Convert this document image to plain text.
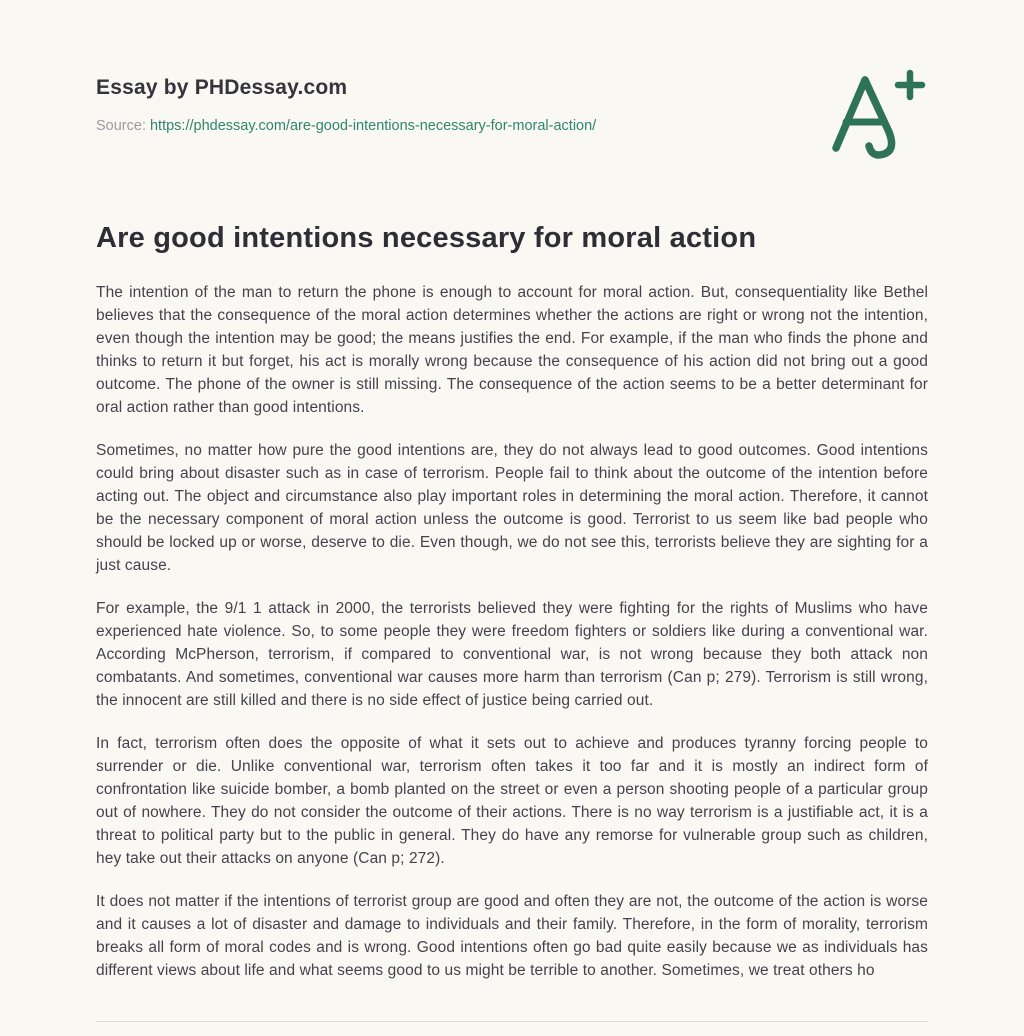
Essay by PHDessay.com
Source: https://phdessay.com/are-good-intentions-necessary-for-moral-action/
Are good intentions necessary for moral action

The intention of the man to return the phone is enough to account for moral action. But, consequentiality like Bethel believes that the consequence of the moral action determines whether the actions are right or wrong not the intention, even though the intention may be good; the means justifies the end. For example, if the man who finds the phone and thinks to return it but forget, his act is morally wrong because the consequence of his action did not bring out a good outcome. The phone of the owner is still missing. The consequence of the action seems to be a better determinant for oral action rather than good intentions.

Sometimes, no matter how pure the good intentions are, they do not always lead to good outcomes. Good intentions could bring about disaster such as in case of terrorism. People fail to think about the outcome of the intention before acting out. The object and circumstance also play important roles in determining the moral action. Therefore, it cannot be the necessary component of moral action unless the outcome is good. Terrorist to us seem like bad people who should be locked up or worse, deserve to die. Even though, we do not see this, terrorists believe they are sighting for a just cause.

For example, the 9/1 1 attack in 2000, the terrorists believed they were fighting for the rights of Muslims who have experienced hate violence. So, to some people they were freedom fighters or soldiers like during a conventional war. According McPherson, terrorism, if compared to conventional war, is not wrong because they both attack non combatants. And sometimes, conventional war causes more harm than terrorism (Can p; 279). Terrorism is still wrong, the innocent are still killed and there is no side effect of justice being carried out.

In fact, terrorism often does the opposite of what it sets out to achieve and produces tyranny forcing people to surrender or die. Unlike conventional war, terrorism often takes it too far and it is mostly an indirect form of confrontation like suicide bomber, a bomb planted on the street or even a person shooting people of a particular group out of nowhere. They do not consider the outcome of their actions. There is no way terrorism is a justifiable act, it is a threat to political party but to the public in general. They do have any remorse for vulnerable group such as children, hey take out their attacks on anyone (Can p; 272).

It does not matter if the intentions of terrorist group are good and often they are not, the outcome of the action is worse and it causes a lot of disaster and damage to individuals and their family. Therefore, in the form of morality, terrorism breaks all form of moral codes and is wrong. Good intentions often go bad quite easily because we as individuals has different views about life and what seems good to us might be terrible to another. Sometimes, we treat others ho
